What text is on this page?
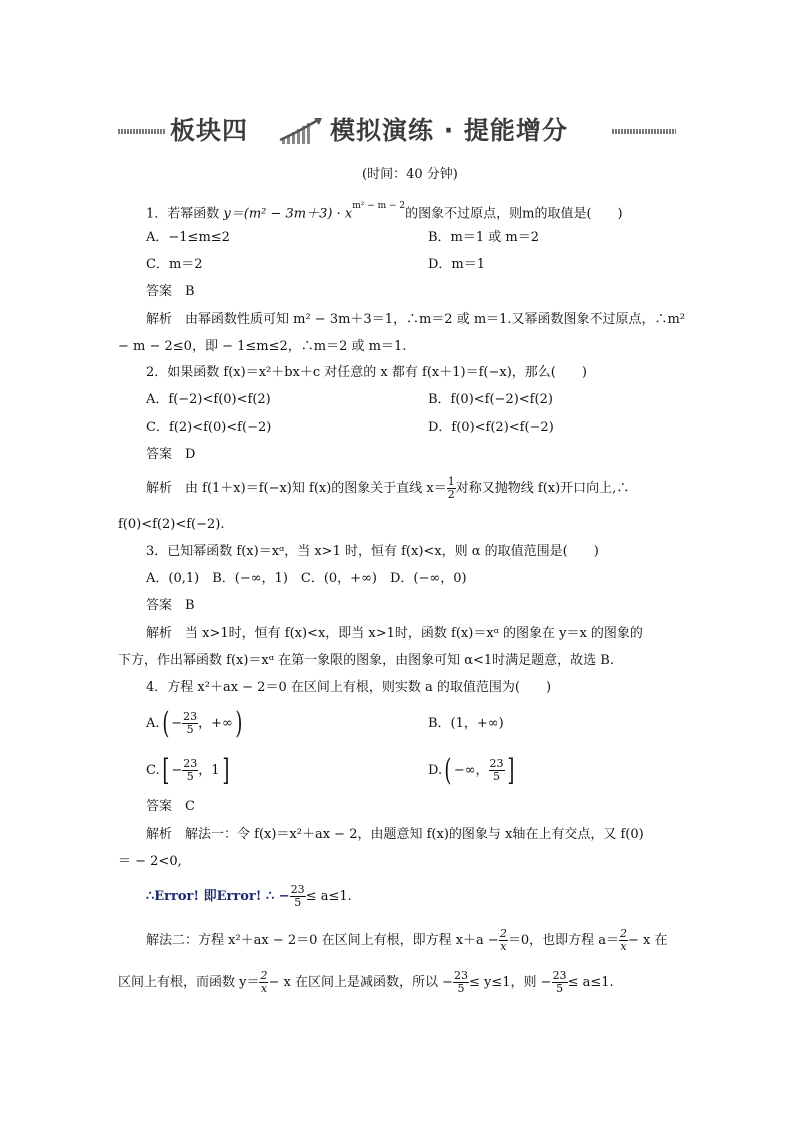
板块四	模拟演练 · 提能增分
(时间：40 分钟)
1．若幂函数 $y=(m^2 - 3m+3) \cdot x^{m^2 - m - 2}$的图象不过原点，则m的取值是(　　)
A．−1≤m≤2	B．m＝1 或 m＝2
C．m＝2	D．m＝1
答案　B
解析　由幂函数性质可知 m² − 3m＋3＝1，∴m＝2 或 m＝1.又幂函数图象不过原点，∴m²
− m − 2≤0，即 − 1≤m≤2，∴m＝2 或 m＝1.
2．如果函数 f(x)＝x²＋bx＋c 对任意的 x 都有 f(x＋1)＝f(−x)，那么(　　)
A．f(−2)<f(0)<f(2)	B．f(0)<f(−2)<f(2)
C．f(2)<f(0)<f(−2)	D．f(0)<f(2)<f(−2)
答案　D
解析　由 f(1＋x)＝f(−x)知 f(x)的图象关于直线 $x= \frac{1}{2}$ 对称又抛物线 f(x)开口向上,∴
f(0)<f(2)<f(−2).
3．已知幂函数 f(x)＝xᵅ，当 x>1 时，恒有 f(x)<x，则 α 的取值范围是(　　)
A．(0,1)　B．(−∞，1)　C．(0，+∞)　D．(−∞，0)
答案　B
解析　当 x>1时，恒有 f(x)<x，即当 x>1时，函数 f(x)＝xᵅ 的图象在 y＝x 的图象的
下方，作出幂函数 f(x)＝xᵅ 在第一象限的图象，由图象可知 α<1时满足题意，故选 B.
4．方程 x²＋ax − 2＝0 在区间上有根，则实数 a 的取值范围为(　　)
$A.( - \frac{23}{5}$ ，+∞)	B．(1，+∞)
$C.[ - \frac{23}{5}$ ，1]	D.( −∞， $\frac{23}{5}$ ]
答案　C
解析　解法一：令 f(x)＝x²＋ax − 2，由题意知 f(x)的图象与 x轴在上有交点，又 f(0)
＝ − 2<0,
∴Error! 即Error! ∴ − $\frac{23}{5} \le a\le 1$.
解法二：方程 x²＋ax − 2＝0 在区间上有根，即方程 $x+a - \frac{2}{x} =0$，也即方程 $a= \frac{2}{x} - x$ 在
区间上有根，而函数 $y= \frac{2}{x} - x$ 在区间上是减函数，所以 − $\frac{23}{5} \le y\le 1$，则 − $\frac{23}{5} \le a\le 1$.
